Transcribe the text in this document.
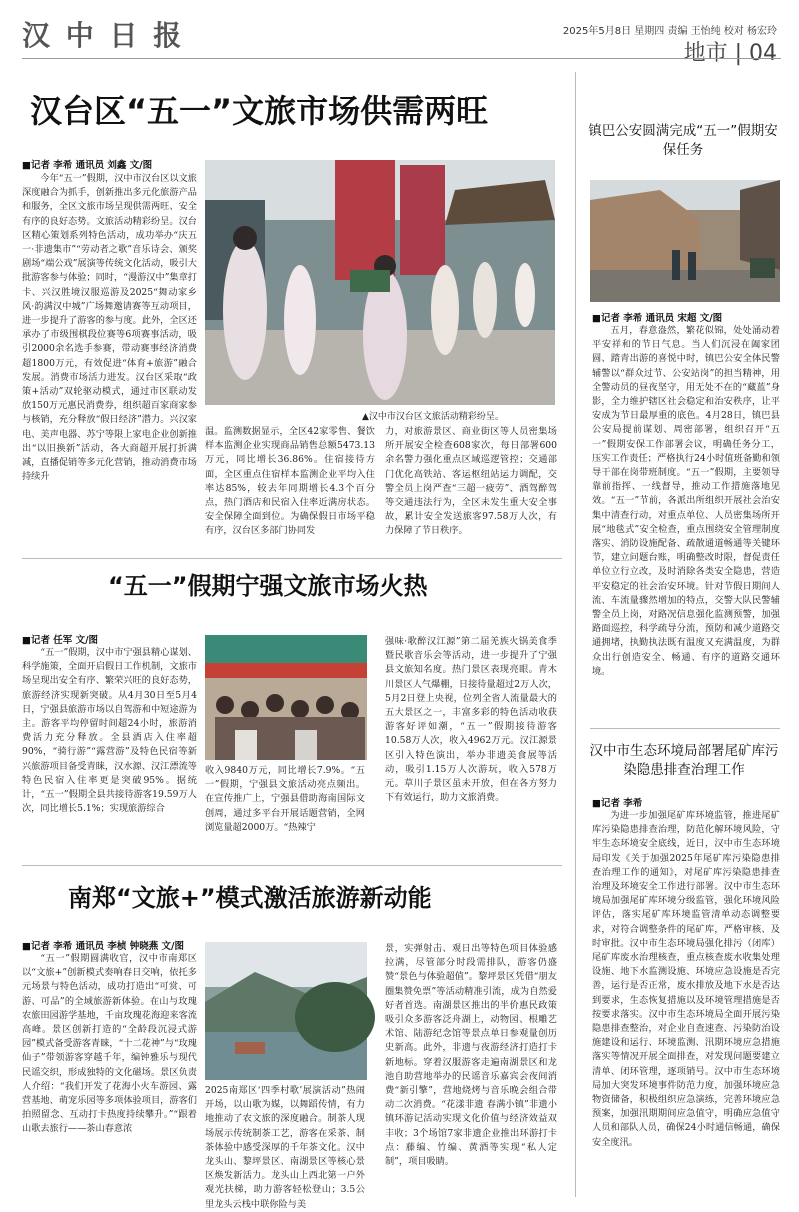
汉 中 日 报	2025年5月8日 星期四 责编 王怡纯 校对 杨宏玲
地市 | 04
汉台区“五一”文旅市场供需两旺
■记者 李希 通讯员 刘鑫 文/图

今年“五一”假期，汉中市汉台区以文旅深度融合为抓手，创新推出多元化旅游产品和服务，全区文旅市场呈现供需两旺、安全有序的良好态势。文旅活动精彩纷呈。汉台区精心策划系列特色活动，成功举办“庆五一·非遗集市”“劳动者之歌”音乐诗会、颁奖剧场“端公戏”展演等传统文化活动，吸引大批游客参与体验；同时，“漫游汉中”集章打卡、兴汉胜境汉服巡游及2025“舞动家乡风·韵满汉中城”广场舞邀请赛等互动项目，进一步提升了游客的参与度。此外，全区还承办了市级围棋段位赛等6项赛事活动，吸引2000余名选手参赛，带动赛事经济消费超1800万元，有效促进“体育+旅游”融合发展。消费市场活力进发。汉台区采取“政策+活动”双轮驱动模式，通过市区联动发放150万元惠民消费券，组织超百家商家参与核销，充分释放“假日经济”潜力。兴汉家电、美声电器、苏宁等限上家电企业创新推出“以旧换新”活动，各大商超开展打折满减，直播促销等多元化营销，推动消费市场持续升

▲汉中市汉台区文旅活动精彩纷呈。

温。监测数据显示，全区42家零售、餐饮样本监测企业实现商品销售总额5473.13万元，同比增长36.86%。住宿接待方面，全区重点住宿样本监测企业平均入住率达85%，较去年同期增长4.3个百分点，热门酒店和民宿入住率近满房状态。安全保障全面到位。为确保假日市场平稳有序，汉台区多部门协同发

力，对旅游景区、商业街区等人员密集场所开展安全检查608家次，每日部署600余名警力强化重点区域巡逻管控；交通部门优化高铁站、客运枢纽站运力调配，交警全员上岗严查“三超一疲劳”、酒驾醉驾等交通违法行为，全区未发生重大安全事故，累计安全发送旅客97.58万人次，有力保障了节日秩序。

“五一”假期宁强文旅市场火热
■记者 任军 文/图

“五一”假期，汉中市宁强县精心谋划、科学施策，全面开启假日工作机制，文旅市场呈现出安全有序、繁荣兴旺的良好态势，旅游经济实现新突破。从4月30日至5月4日，宁强县旅游市场以自驾游和中短途游为主。游客平均停留时间超24小时，旅游消费活力充分释放。全县酒店入住率超90%，“骑行游”“露营游”及特色民宿等新兴旅游项目备受青睐，汉水源、汉江漂流等特色民宿入住率更是突破95%。据统计，“五一”假期全县共接待游客19.59万人次，同比增长5.1%；实现旅游综合

收入9840万元，同比增长7.9%。“五一”假期，宁强县文旅活动亮点频出。在宣传推广上，宁强县借助海南国际文创周，通过多平台开展话题营销，全网浏览量超2000万。“热辣宁

强味·歌醉汉江源”第二届羌族火锅美食季暨民歌音乐会等活动，进一步提升了宁强县文旅知名度。热门景区表现亮眼。青木川景区人气爆棚，日接待量超过2万人次，5月2日登上央视，位列全省人流量最大的五大景区之一，丰富多彩的特色活动收获游客好评如潮，“五一”假期接待游客10.58万人次，收入4962万元。汉江源景区引入特色演出，举办非遗美食展等活动，吸引1.15万人次游玩，收入578万元。草川子景区虽未开放，但在各方努力下有效运行，助力文旅消费。

南郑“文旅+”模式激活旅游新动能
■记者 李希 通讯员 李桢 钟晓燕 文/图

“五一”假期圆满收官，汉中市南郑区以“文旅+”创新模式奏响春日交响，依托多元场景与特色活动，成功打造出“可赏、可游、可品”的全域旅游新体验。在山与玫瑰农旅田园游学基地，千亩玫瑰花海迎来客流高峰。景区创新打造的“全龄段沉浸式游园”模式备受游客青睐，“十二花神”与“玫瑰仙子”带领游客穿越千年，编钟雅乐与现代民谣交织，形成独特的文化磁场。景区负责人介绍：“我们开发了花海小火车游园、露营基地、萌宠乐园等多项体验项目，游客们拍照留念、互动打卡热度持续攀升。”“跟着山歌去旅行——茶山春意浓

2025南郑区‘四季村歌’展演活动”热闹开场，以山歌为媒，以舞蹈传情，有力地推动了农文旅的深度融合。制茶人现场展示传统制茶工艺，游客在采茶、制茶体验中感受深厚的千年茶文化。汉中龙头山、黎坪景区、南湖景区等核心景区焕发新活力。龙头山上西北第一户外观光扶梯，助力游客轻松登山；3.5公里龙头云栈中联你险与美

景，实弹射击、观日出等特色项目体验感拉满，尽管部分时段需排队，游客仍盛赞“景色与体验超值”。黎坪景区凭借“朋友圈集赞免票”等活动精准引流，成为自然爱好者首选。南湖景区推出的半价惠民政策吸引众多游客泛舟湖上，动物园、根雕艺术馆、陆游纪念馆等景点单日参观量创历史新高。此外，非遗与夜游经济打造打卡新地标。穿着汉服游客走遍南湖景区和龙池自助营地举办的民谣音乐嘉宾会夜间消费“新引擎”，营地烧烤与音乐晚会组合带动二次消费。“花漾非遗 春满小镇”非遗小镇环游记活动实现文化价值与经济效益双丰收；3个场馆7家非遗企业推出环游打卡点：藤编、竹编、黄酒等实现“私人定制”，项目吸睛。

镇巴公安圆满完成“五一”假期安保任务
■记者 李希 通讯员 宋超 文/图

五月，春意盎然，繁花似锦，处处涌动着平安祥和的节日气息。当人们沉浸在阖家团圆、踏青出游的喜悦中时，镇巴公安全体民警辅警以“群众过节、公安站岗”的担当精神，用全警动员的昼夜坚守，用无处不在的“藏蓝”身影，全力维护辖区社会稳定和治安秩序，让平安成为节日最厚重的底色。4月28日，镇巴县公安局提前谋划、周密部署，组织召开“五一”假期安保工作部署会议，明确任务分工，压实工作责任；严格执行24小时值班备勤和领导干部在岗带班制度。“五一”假期，主要领导靠前指挥、一线督导，推动工作措施落地见效。“五一”节前，各派出所组织开展社会治安集中清查行动，对重点单位、人员密集场所开展“地毯式”安全检查，重点围绕安全管理制度落实、消防设施配备、疏散通道畅通等关键环节，建立问题台账，明确整改时限，督促责任单位立行立改，及时消除各类安全隐患，营造平安稳定的社会治安环境。针对节假日期间人流、车流量骤然增加的特点，交警大队民警辅警全员上岗，对路况信息强化监测预警，加强路面巡控，科学疏导分流，预防和减少道路交通拥堵，执勤执法既有温度又充满温度，为群众出行创造安全、畅通、有序的道路交通环境。

汉中市生态环境局部署尾矿库污染隐患排查治理工作
■记者 李希

为进一步加强尾矿库环境监管，推进尾矿库污染隐患排查治理，防范化解环境风险，守牢生态环境安全底线，近日，汉中市生态环境局印发《关于加强2025年尾矿库污染隐患排查治理工作的通知》，对尾矿库污染隐患排查治理及环境安全工作进行部署。汉中市生态环境局加强尾矿库环境分级监管，强化环境风险评估，落实尾矿库环境监管清单动态调整要求，对符合调整条件的尾矿库，严格审核、及时审批。汉中市生态环境局强化排污（闭库）尾矿库废水治理核查，重点核查废水收集处理设施、地下水监测设施、环境应急设施是否完善，运行是否正常，废水排放及地下水是否达到要求，生态恢复措施以及环境管理措施是否按要求落实。汉中市生态环境局全面开展污染隐患排查整治，对企业自查速查、污染防治设施建设和运行、环境监测、汛期环境应急措施落实等情况开展全面排查，对发现问题要建立清单、闭环管理，逐项销号。汉中市生态环境局加大突发环境事件防范力度，加强环境应急物资储备，积极组织应急演练，完善环境应急预案，加强汛期期间应急值守，明确应急值守人员和部队人员，确保24小时通信畅通，确保安全度汛。
